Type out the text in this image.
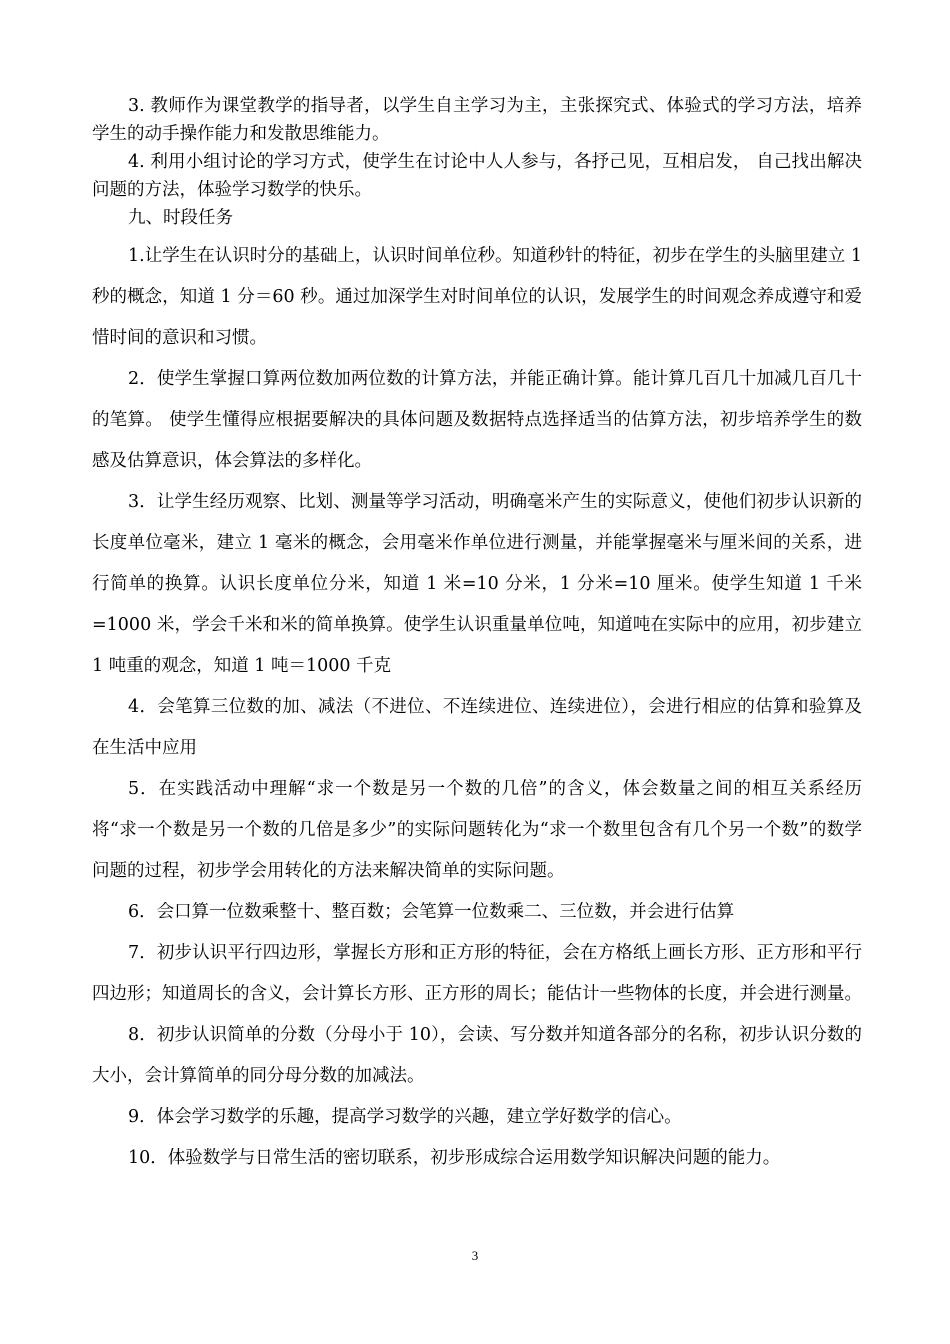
3. 教师作为课堂教学的指导者，以学生自主学习为主，主张探究式、体验式的学习方法，培养学生的动手操作能力和发散思维能力。

4. 利用小组讨论的学习方式，使学生在讨论中人人参与，各抒己见，互相启发， 自己找出解决问题的方法，体验学习数学的快乐。

九、时段任务

1.让学生在认识时分的基础上，认识时间单位秒。知道秒针的特征，初步在学生的头脑里建立 1 秒的概念，知道 1 分＝60 秒。通过加深学生对时间单位的认识，发展学生的时间观念养成遵守和爱惜时间的意识和习惯。

2．使学生掌握口算两位数加两位数的计算方法，并能正确计算。能计算几百几十加减几百几十的笔算。 使学生懂得应根据要解决的具体问题及数据特点选择适当的估算方法，初步培养学生的数感及估算意识，体会算法的多样化。

3．让学生经历观察、比划、测量等学习活动，明确毫米产生的实际意义，使他们初步认识新的长度单位毫米，建立 1 毫米的概念，会用毫米作单位进行测量，并能掌握毫米与厘米间的关系，进行简单的换算。认识长度单位分米，知道 1 米=10 分米，1 分米=10 厘米。使学生知道 1 千米=1000 米，学会千米和米的简单换算。使学生认识重量单位吨，知道吨在实际中的应用，初步建立 1 吨重的观念，知道 1 吨＝1000 千克

4．会笔算三位数的加、减法（不进位、不连续进位、连续进位），会进行相应的估算和验算及在生活中应用

5．在实践活动中理解“求一个数是另一个数的几倍”的含义，体会数量之间的相互关系经历将“求一个数是另一个数的几倍是多少”的实际问题转化为“求一个数里包含有几个另一个数”的数学问题的过程，初步学会用转化的方法来解决简单的实际问题。

6．会口算一位数乘整十、整百数；会笔算一位数乘二、三位数，并会进行估算

7．初步认识平行四边形，掌握长方形和正方形的特征，会在方格纸上画长方形、正方形和平行四边形；知道周长的含义，会计算长方形、正方形的周长；能估计一些物体的长度，并会进行测量。

8．初步认识简单的分数（分母小于 10），会读、写分数并知道各部分的名称，初步认识分数的大小，会计算简单的同分母分数的加减法。

9．体会学习数学的乐趣，提高学习数学的兴趣，建立学好数学的信心。

10．体验数学与日常生活的密切联系，初步形成综合运用数学知识解决问题的能力。

3
